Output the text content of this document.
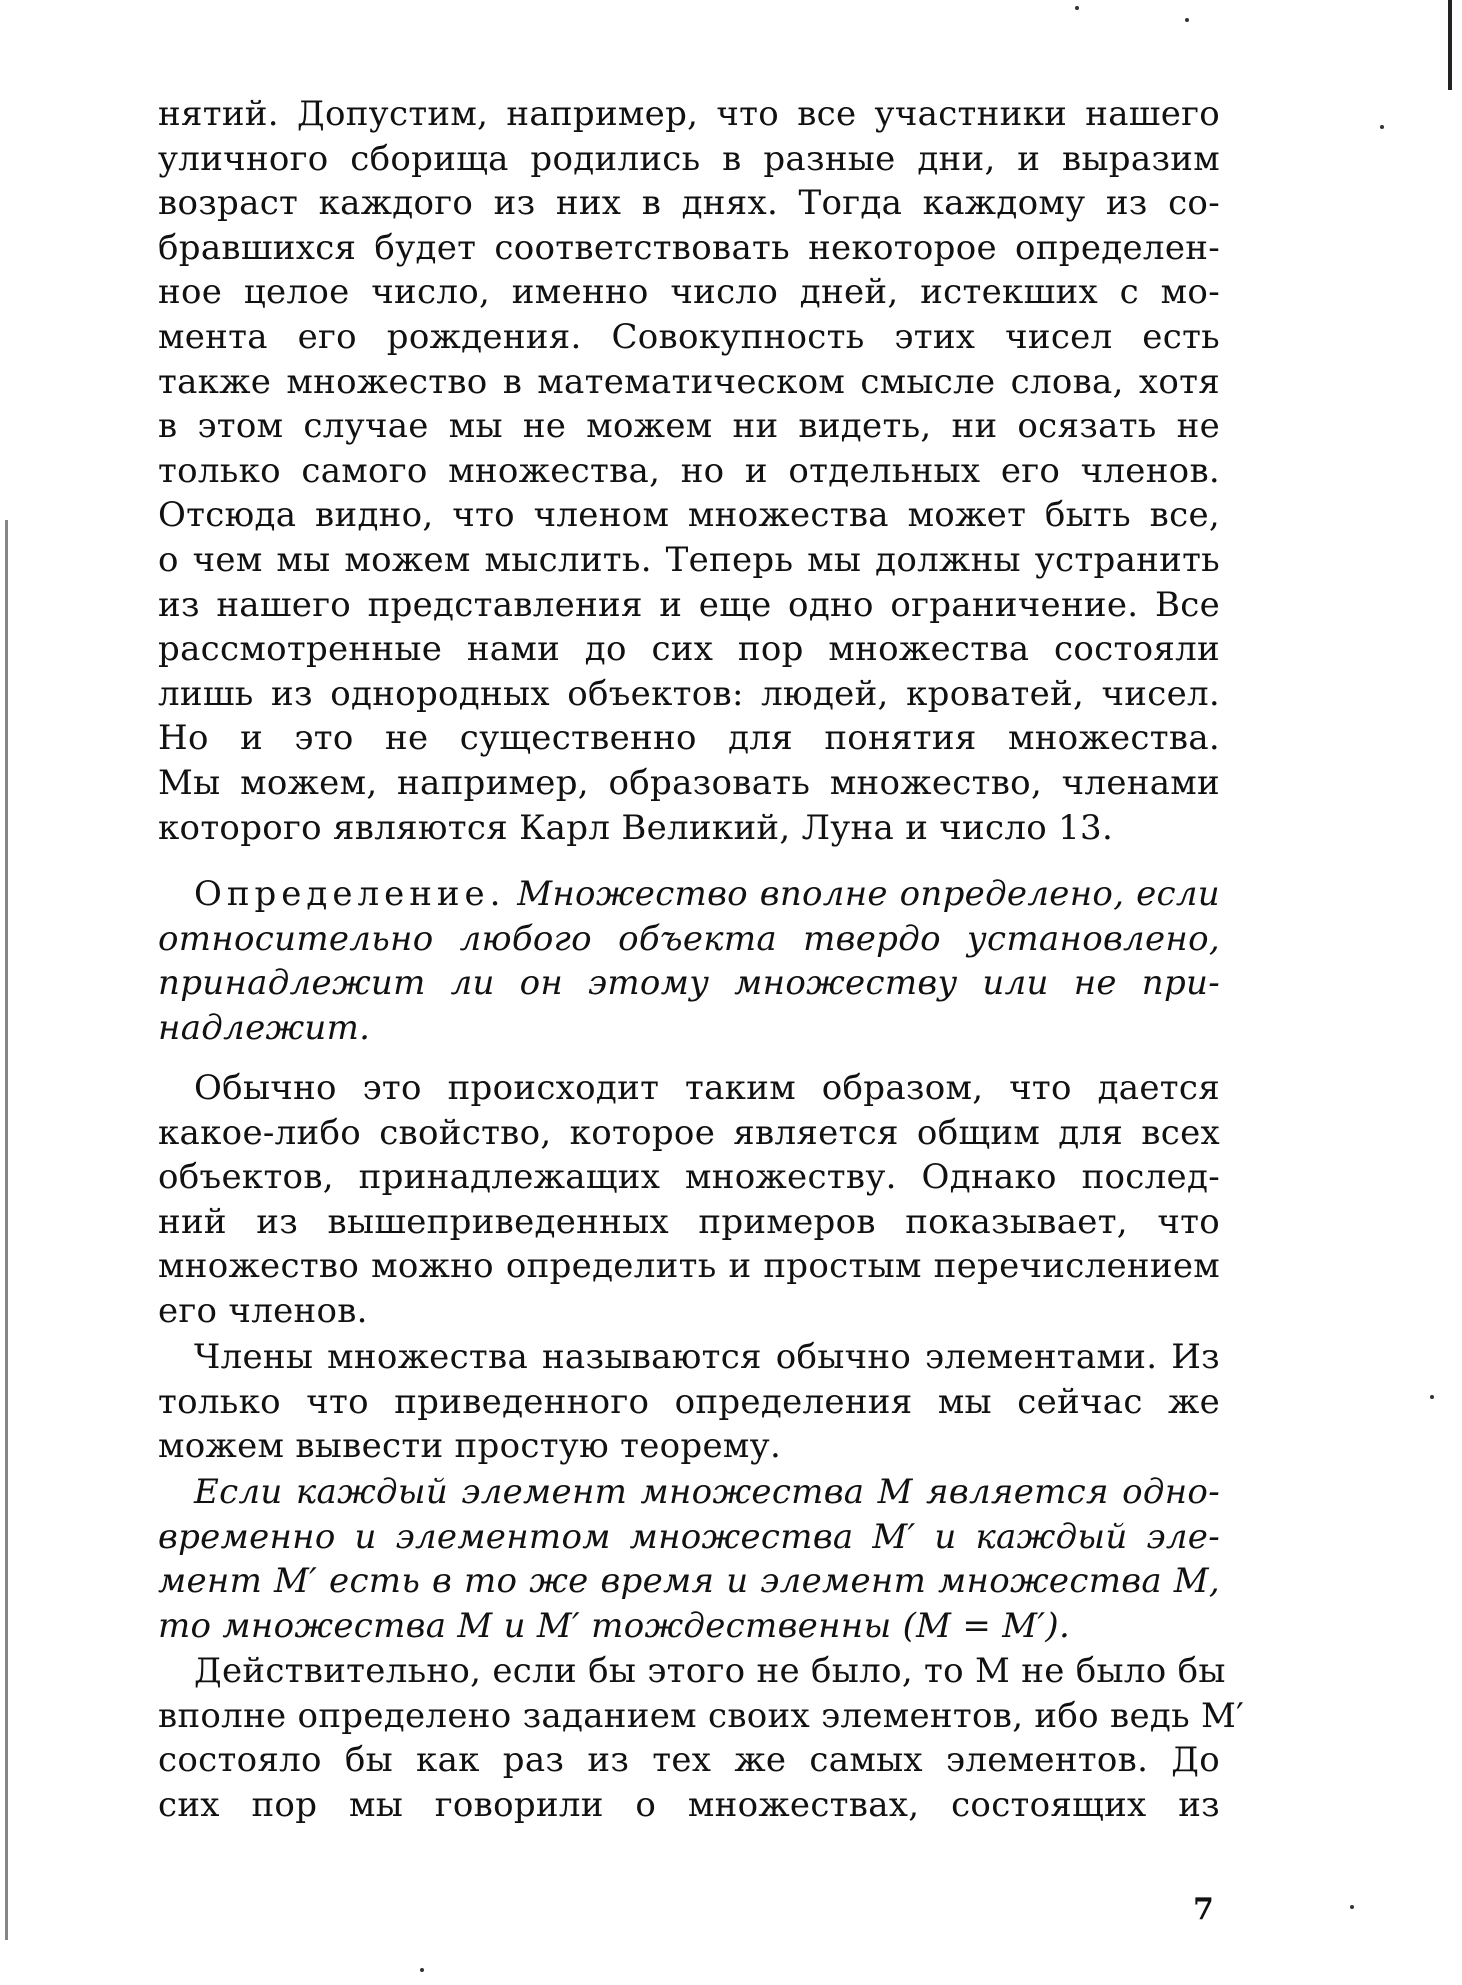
нятий. Допустим, например, что все участники нашего
уличного сборища родились в разные дни, и выразим
возраст каждого из них в днях. Тогда каждому из со-
бравшихся будет соответствовать некоторое определен-
ное целое число, именно число дней, истекших с мо-
мента его рождения. Совокупность этих чисел есть
также множество в математическом смысле слова, хотя
в этом случае мы не можем ни видеть, ни осязать не
только самого множества, но и отдельных его членов.
Отсюда видно, что членом множества может быть все,
о чем мы можем мыслить. Теперь мы должны устранить
из нашего представления и еще одно ограничение. Все
рассмотренные нами до сих пор множества состояли
лишь из однородных объектов: людей, кроватей, чисел.
Но и это не существенно для понятия множества.
Мы можем, например, образовать множество, членами
которого являются Карл Великий, Луна и число 13.
Определение. Множество вполне определено, если
относительно любого объекта твердо установлено,
принадлежит ли он этому множеству или не при-
надлежит.
Обычно это происходит таким образом, что дается
какое-либо свойство, которое является общим для всех
объектов, принадлежащих множеству. Однако послед-
ний из вышеприведенных примеров показывает, что
множество можно определить и простым перечислением
его членов.
Члены множества называются обычно элементами. Из
только что приведенного определения мы сейчас же
можем вывести простую теорему.
Если каждый элемент множества M является одно-
временно и элементом множества M′ и каждый эле-
мент M′ есть в то же время и элемент множества M,
то множества M и M′ тождественны (M = M′).
Действительно, если бы этого не было, то M не было бы
вполне определено заданием своих элементов, ибо ведь M′
состояло бы как раз из тех же самых элементов. До
сих пор мы говорили о множествах, состоящих из
7
